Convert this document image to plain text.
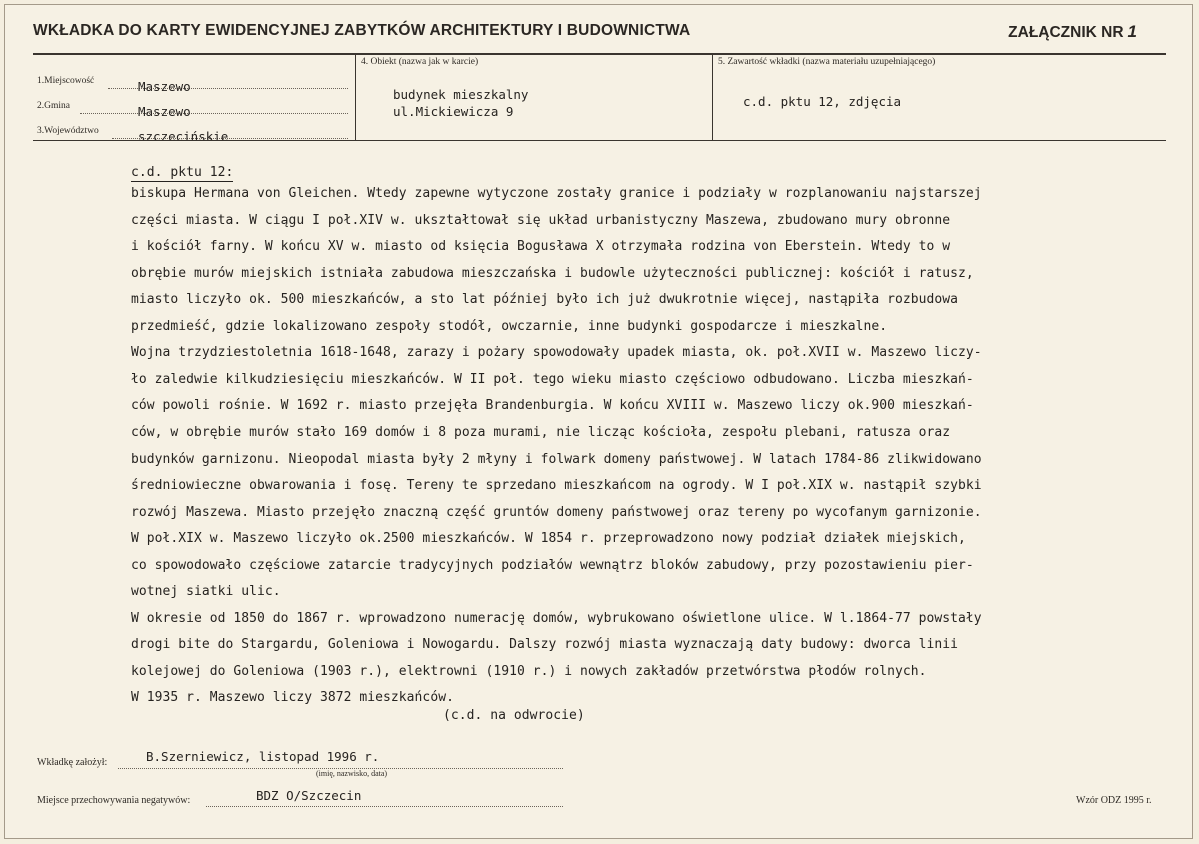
WKŁADKA DO KARTY EWIDENCYJNEJ ZABYTKÓW ARCHITEKTURY I BUDOWNICTWA	ZAŁĄCZNIK NR 1
1.Miejscowość	Maszewo
2.Gmina	Maszewo
3.Województwo	szczecińskie
4. Obiekt (nazwa jak w karcie)
budynek mieszkalny
ul.Mickiewicza 9
5. Zawartość wkładki (nazwa materiału uzupełniającego)
c.d. pktu 12, zdjęcia
c.d. pktu 12:
biskupa Hermana von Gleichen. Wtedy zapewne wytyczone zostały granice i podziały w rozplanowaniu najstarszej
części miasta. W ciągu I poł.XIV w. ukształtował się układ urbanistyczny Maszewa, zbudowano mury obronne
i kościół farny. W końcu XV w. miasto od księcia Bogusława X otrzymała rodzina von Eberstein. Wtedy to w
obrębie murów miejskich istniała zabudowa mieszczańska i budowle użyteczności publicznej: kościół i ratusz,
miasto liczyło ok. 500 mieszkańców, a sto lat później było ich już dwukrotnie więcej, nastąpiła rozbudowa
przedmieść, gdzie lokalizowano zespoły stodół, owczarnie, inne budynki gospodarcze i mieszkalne.
Wojna trzydziestoletnia 1618-1648, zarazy i pożary spowodowały upadek miasta, ok. poł.XVII w. Maszewo liczy-
ło zaledwie kilkudziesięciu mieszkańców. W II poł. tego wieku miasto częściowo odbudowano. Liczba mieszkań-
ców powoli rośnie. W 1692 r. miasto przejęła Brandenburgia. W końcu XVIII w. Maszewo liczy ok.900 mieszkań-
ców, w obrębie murów stało 169 domów i 8 poza murami, nie licząc kościoła, zespołu plebani, ratusza oraz
budynków garnizonu. Nieopodal miasta były 2 młyny i folwark domeny państwowej. W latach 1784-86 zlikwidowano
średniowieczne obwarowania i fosę. Tereny te sprzedano mieszkańcom na ogrody. W I poł.XIX w. nastąpił szybki
rozwój Maszewa. Miasto przejęło znaczną część gruntów domeny państwowej oraz tereny po wycofanym garnizonie.
W poł.XIX w. Maszewo liczyło ok.2500 mieszkańców. W 1854 r. przeprowadzono nowy podział działek miejskich,
co spowodowało częściowe zatarcie tradycyjnych podziałów wewnątrz bloków zabudowy, przy pozostawieniu pier-
wotnej siatki ulic.
W okresie od 1850 do 1867 r. wprowadzono numerację domów, wybrukowano oświetlone ulice. W l.1864-77 powstały
drogi bite do Stargardu, Goleniowa i Nowogardu. Dalszy rozwój miasta wyznaczają daty budowy: dworca linii
kolejowej do Goleniowa (1903 r.), elektrowni (1910 r.) i nowych zakładów przetwórstwa płodów rolnych.
W 1935 r. Maszewo liczy 3872 mieszkańców.
(c.d. na odwrocie)
Wkładkę założył:	B.Szerniewicz, listopad 1996 r.
(imię, nazwisko, data)
Miejsce przechowywania negatywów:	BDZ O/Szczecin	Wzór ODZ 1995 r.
